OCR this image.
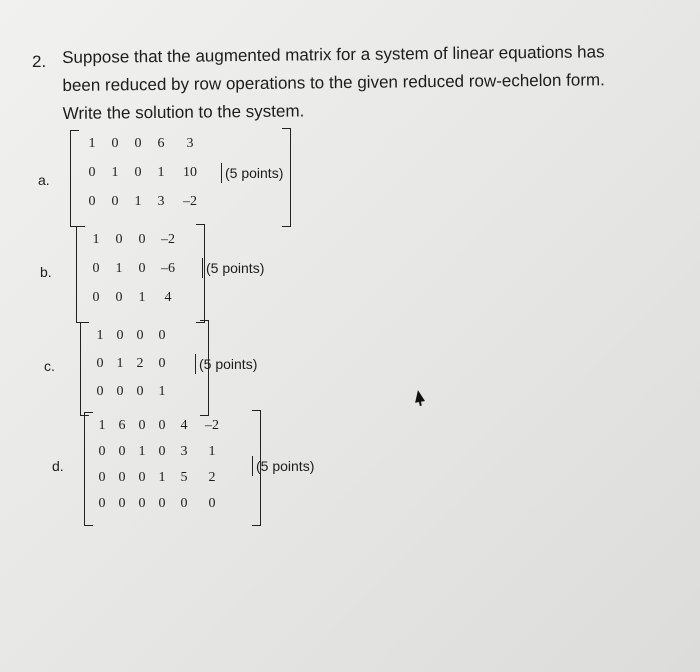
2. Suppose that the augmented matrix for a system of linear equations has
been reduced by row operations to the given reduced row-echelon form.
Write the solution to the system.
a.
1	0	0	6	3
0	1	0	1	10
0	0	1	3	–2
(5 points)
b.
1	0	0	–2
0	1	0	–6
0	0	1	4
(5 points)
c.
1 0 0	0
0 1 2	0
0 0 0	1
(5 points)
d.
1 6 0 0	4	–2
0 0 1 0	3	1
0 0 0 1	5	2
0 0 0 0	0	0
(5 points)
